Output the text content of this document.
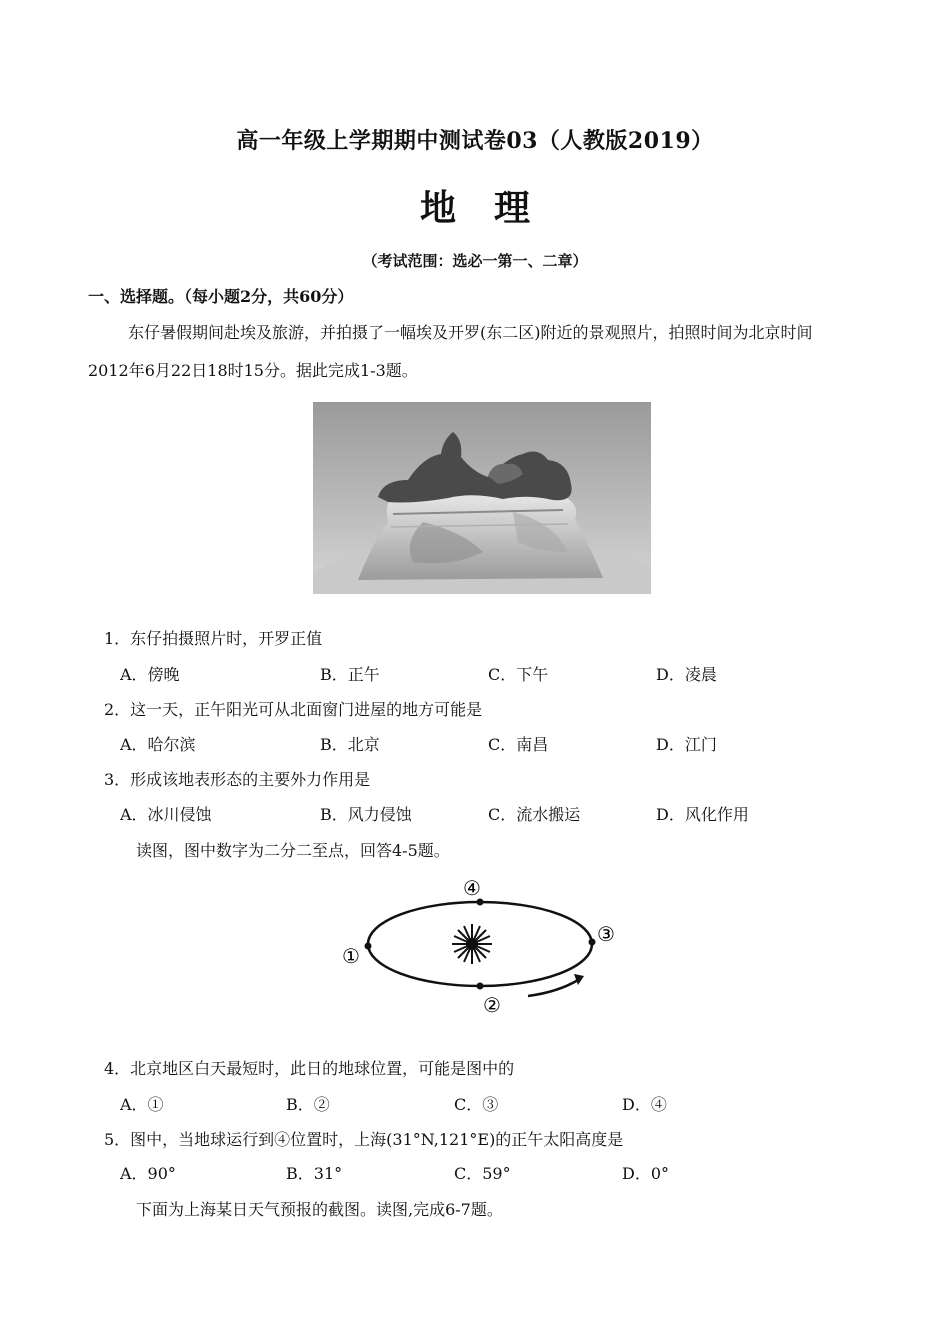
高一年级上学期期中测试卷03（人教版2019）
地理
（考试范围：选必一第一、二章）
一、选择题。（每小题2分，共60分）
东仔暑假期间赴埃及旅游，并拍摄了一幅埃及开罗(东二区)附近的景观照片，拍照时间为北京时间
2012年6月22日18时15分。据此完成1-3题。
1．东仔拍摄照片时，开罗正值
A．傍晚	B．正午	C．下午	D．凌晨
2．这一天，正午阳光可从北面窗门进屋的地方可能是
A．哈尔滨	B．北京	C．南昌	D．江门
3．形成该地表形态的主要外力作用是
A．冰川侵蚀	B．风力侵蚀	C．流水搬运	D．风化作用
读图，图中数字为二分二至点，回答4-5题。
①
②
③
④
4．北京地区白天最短时，此日的地球位置，可能是图中的
A．①	B．②	C．③	D．④
5．图中，当地球运行到④位置时，上海(31°N,121°E)的正午太阳高度是
A．90°	B．31°	C．59°	D．0°
下面为上海某日天气预报的截图。读图,完成6-7题。
